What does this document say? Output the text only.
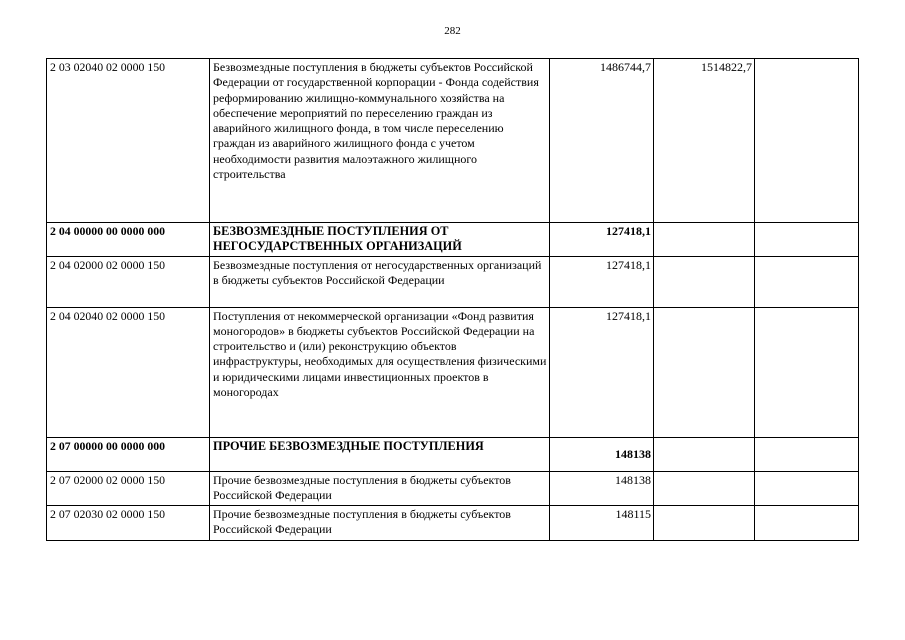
282
2 03 02040 02 0000 150	Безвозмездные поступления в бюджеты субъектов Российской Федерации от государственной корпорации - Фонда содействия реформированию жилищно-коммунального хозяйства на обеспечение мероприятий по переселению граждан из аварийного жилищного фонда, в том числе переселению граждан из аварийного жилищного фонда с учетом необходимости развития малоэтажного жилищного строительства	1486744,7	1514822,7	
2 04 00000 00 0000 000	БЕЗВОЗМЕЗДНЫЕ ПОСТУПЛЕНИЯ ОТ НЕГОСУДАРСТВЕННЫХ ОРГАНИЗАЦИЙ	127418,1		
2 04 02000 02 0000 150	Безвозмездные поступления от негосударственных организаций в бюджеты субъектов Российской Федерации	127418,1		
2 04 02040 02 0000 150	Поступления от некоммерческой организации «Фонд развития моногородов» в бюджеты субъектов Российской Федерации на строительство и (или) реконструкцию объектов инфраструктуры, необходимых для осуществления физическими и юридическими лицами инвестиционных проектов в моногородах	127418,1		
2 07 00000 00 0000 000	ПРОЧИЕ БЕЗВОЗМЕЗДНЫЕ ПОСТУПЛЕНИЯ	148138		
2 07 02000 02 0000 150	Прочие безвозмездные поступления в бюджеты субъектов Российской Федерации	148138		
2 07 02030 02 0000 150	Прочие безвозмездные поступления в бюджеты субъектов Российской Федерации	148115		
